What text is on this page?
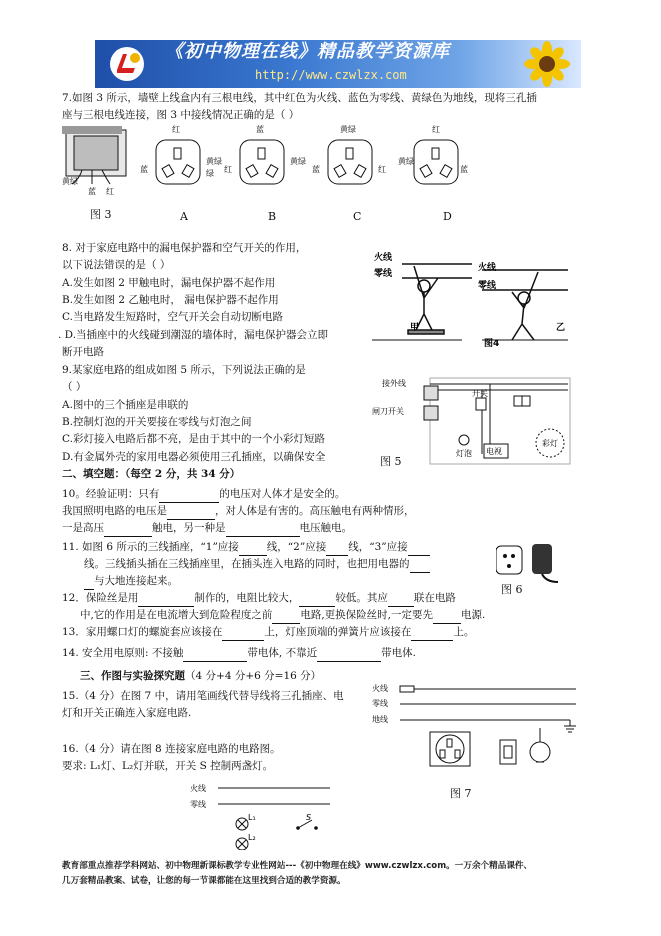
《初中物理在线》精品教学资源库
http://www.czwlzx.com
7.如图 3 所示，墙壁上线盒内有三根电线，其中红色为火线、蓝色为零线、黄绿色为地线，现将三孔插
座与三根电线连接，图 3 中接线情况正确的是（ ）
黄绿
蓝 红
图 3
红
蓝
黄绿
绿
蓝
红
黄绿
黄绿
蓝	红
红
黄绿
蓝
A	B	C	D
8. 对于家庭电路中的漏电保护器和空气开关的作用，
以下说法错误的是（ ）
A.发生如图 2 甲触电时，漏电保护器不起作用
B.发生如图 2 乙触电时， 漏电保护器不起作用
C.当电路发生短路时，空气开关会自动切断电路
. D.当插座中的火线碰到潮湿的墙体时，漏电保护器会立即
断开电路
火线
零线
火线
零线
甲	乙
图4
9.某家庭电路的组成如图 5 所示，下列说法正确的是
（ ）
A.图中的三个插座是串联的
B.控制灯泡的开关要接在零线与灯泡之间
C.彩灯接入电路后都不亮，是由于其中的一个小彩灯短路
D.有金属外壳的家用电器必须使用三孔插座，以确保安全
接外线
闸刀开关
开关
灯泡 电视
彩灯
图 5
二、填空题：（每空 2 分，共 34 分）
10。经验证明：只有	的电压对人体才是安全的。
我国照明电路的电压是	，对人体是有害的。高压触电有两种情形，
一是高压	触电，另一种是	电压触电。
11. 如图 6 所示的三线插座，“1”应接	线，“2”应接 线，“3”应接
线。三线插头插在三线插座里，在插头连入电路的同时，也把用电器的
与大地连接起来。
图 6
12．保险丝是用	制作的，电阻比较大，	较低。其应 联在电路
中,它的作用是在电流增大到危险程度之前	电路,更换保险丝时,一定要先	电源.
13．家用螺口灯的螺旋套应该接在	上，灯座顶端的弹簧片应该接在	上。
14. 安全用电原则: 不接触	带电体, 不靠近	带电体.
三、作图与实验探究题（4 分+4 分+6 分=16 分）
15.（4 分）在图 7 中，请用笔画线代替导线将三孔插座、电
灯和开关正确连入家庭电路.
火线
零线
地线
图 7
16.（4 分）请在图 8 连接家庭电路的电路图。
要求: L₁灯、L₂灯并联，开关 S 控制两盏灯。
火线
零线
L₁
L₂
S
教育部重点推荐学科网站、初中物理新课标教学专业性网站---《初中物理在线》www.czwlzx.com。一万余个精品课件、
几万套精品教案、试卷，让您的每一节课都能在这里找到合适的教学资源。
